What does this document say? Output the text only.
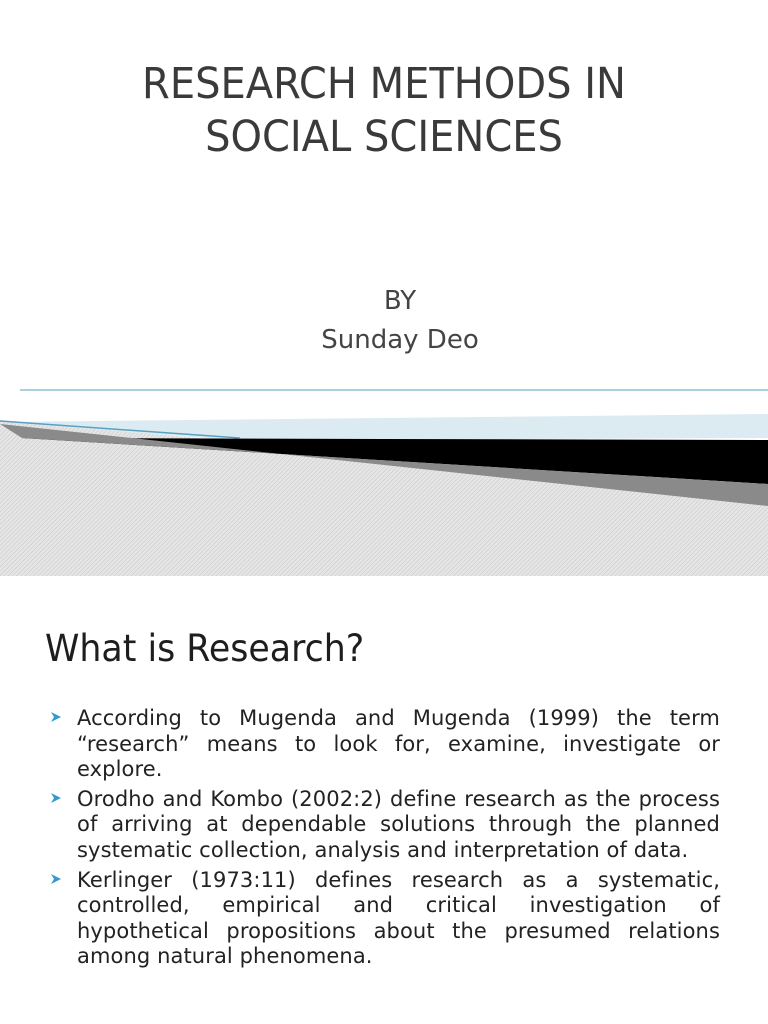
RESEARCH METHODS IN
SOCIAL SCIENCES
BY
Sunday Deo
What is Research?
According to Mugenda and Mugenda (1999) the term “research” means to look for, examine, investigate or explore.
Orodho and Kombo (2002:2) define research as the process of arriving at dependable solutions through the planned systematic collection, analysis and interpretation of data.
Kerlinger (1973:11) defines research as a systematic, controlled, empirical and critical investigation of hypothetical propositions about the presumed relations among natural phenomena.
